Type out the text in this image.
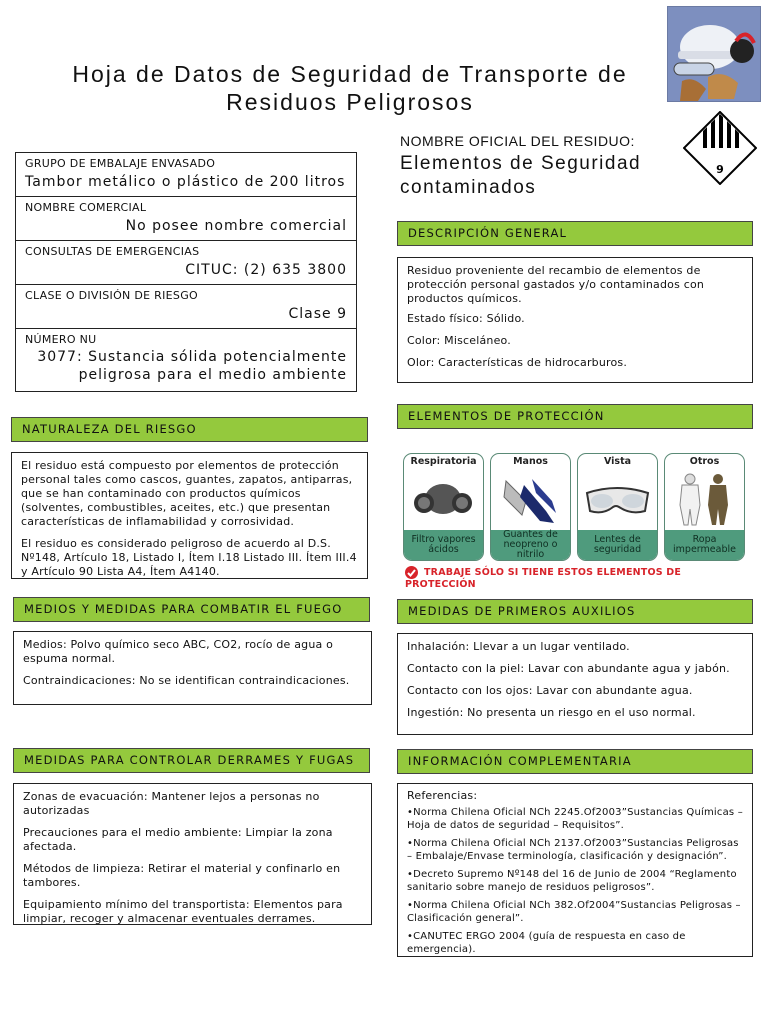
Hoja de Datos de Seguridad de Transporte de Residuos Peligrosos
9
NOMBRE OFICIAL DEL RESIDUO:
Elementos de Seguridad contaminados
GRUPO DE EMBALAJE ENVASADO
Tambor metálico o plástico de 200 litros
NOMBRE COMERCIAL
No posee nombre comercial
CONSULTAS DE EMERGENCIAS
CITUC: (2) 635 3800
CLASE O DIVISIÓN DE RIESGO
Clase 9
NÚMERO NU
3077: Sustancia sólida potencialmente peligrosa para el medio ambiente
DESCRIPCIÓN GENERAL

Residuo proveniente del recambio de elementos de protección personal gastados y/o contaminados con productos químicos.

Estado físico: Sólido.

Color: Misceláneo.

Olor: Características de hidrocarburos.

NATURALEZA DEL RIESGO

El residuo está compuesto por elementos de protección personal tales como cascos, guantes, zapatos, antiparras, que se han contaminado con productos químicos (solventes, combustibles, aceites, etc.) que presentan características de inflamabilidad y corrosividad.

El residuo es considerado peligroso de acuerdo al D.S. Nº148, Artículo 18, Listado I, Ítem I.18 Listado III. Ítem III.4 y Artículo 90 Lista A4, Ítem A4140.

ELEMENTOS DE PROTECCIÓN
Respiratoria
Filtro vapores ácidos
Manos
Guantes de neopreno o nitrilo
Vista
Lentes de seguridad
Otros
Ropa impermeable
TRABAJE SÓLO SI TIENE ESTOS ELEMENTOS DE PROTECCIÓN
MEDIOS Y MEDIDAS PARA COMBATIR EL FUEGO

Medios: Polvo químico seco ABC, CO2, rocío de agua o espuma normal.

Contraindicaciones: No se identifican contraindicaciones.

MEDIDAS DE PRIMEROS AUXILIOS

Inhalación: Llevar a un lugar ventilado.

Contacto con la piel: Lavar con abundante agua y jabón.

Contacto con los ojos: Lavar con abundante agua.

Ingestión: No presenta un riesgo en el uso normal.

MEDIDAS PARA CONTROLAR DERRAMES Y FUGAS

Zonas de evacuación: Mantener lejos a personas no autorizadas

Precauciones para el medio ambiente: Limpiar la zona afectada.

Métodos de limpieza: Retirar el material y confinarlo en tambores.

Equipamiento mínimo del transportista: Elementos para limpiar, recoger y almacenar eventuales derrames.

INFORMACIÓN COMPLEMENTARIA

Referencias:

•Norma Chilena Oficial NCh 2245.Of2003”Sustancias Químicas – Hoja de datos de seguridad – Requisitos”.

•Norma Chilena Oficial NCh 2137.Of2003”Sustancias Peligrosas – Embalaje/Envase terminología, clasificación y designación”.

•Decreto Supremo Nº148 del 16 de Junio de 2004 “Reglamento sanitario sobre manejo de residuos peligrosos”.

•Norma Chilena Oficial NCh 382.Of2004”Sustancias Peligrosas – Clasificación general”.

•CANUTEC ERGO 2004 (guía de respuesta en caso de emergencia).
